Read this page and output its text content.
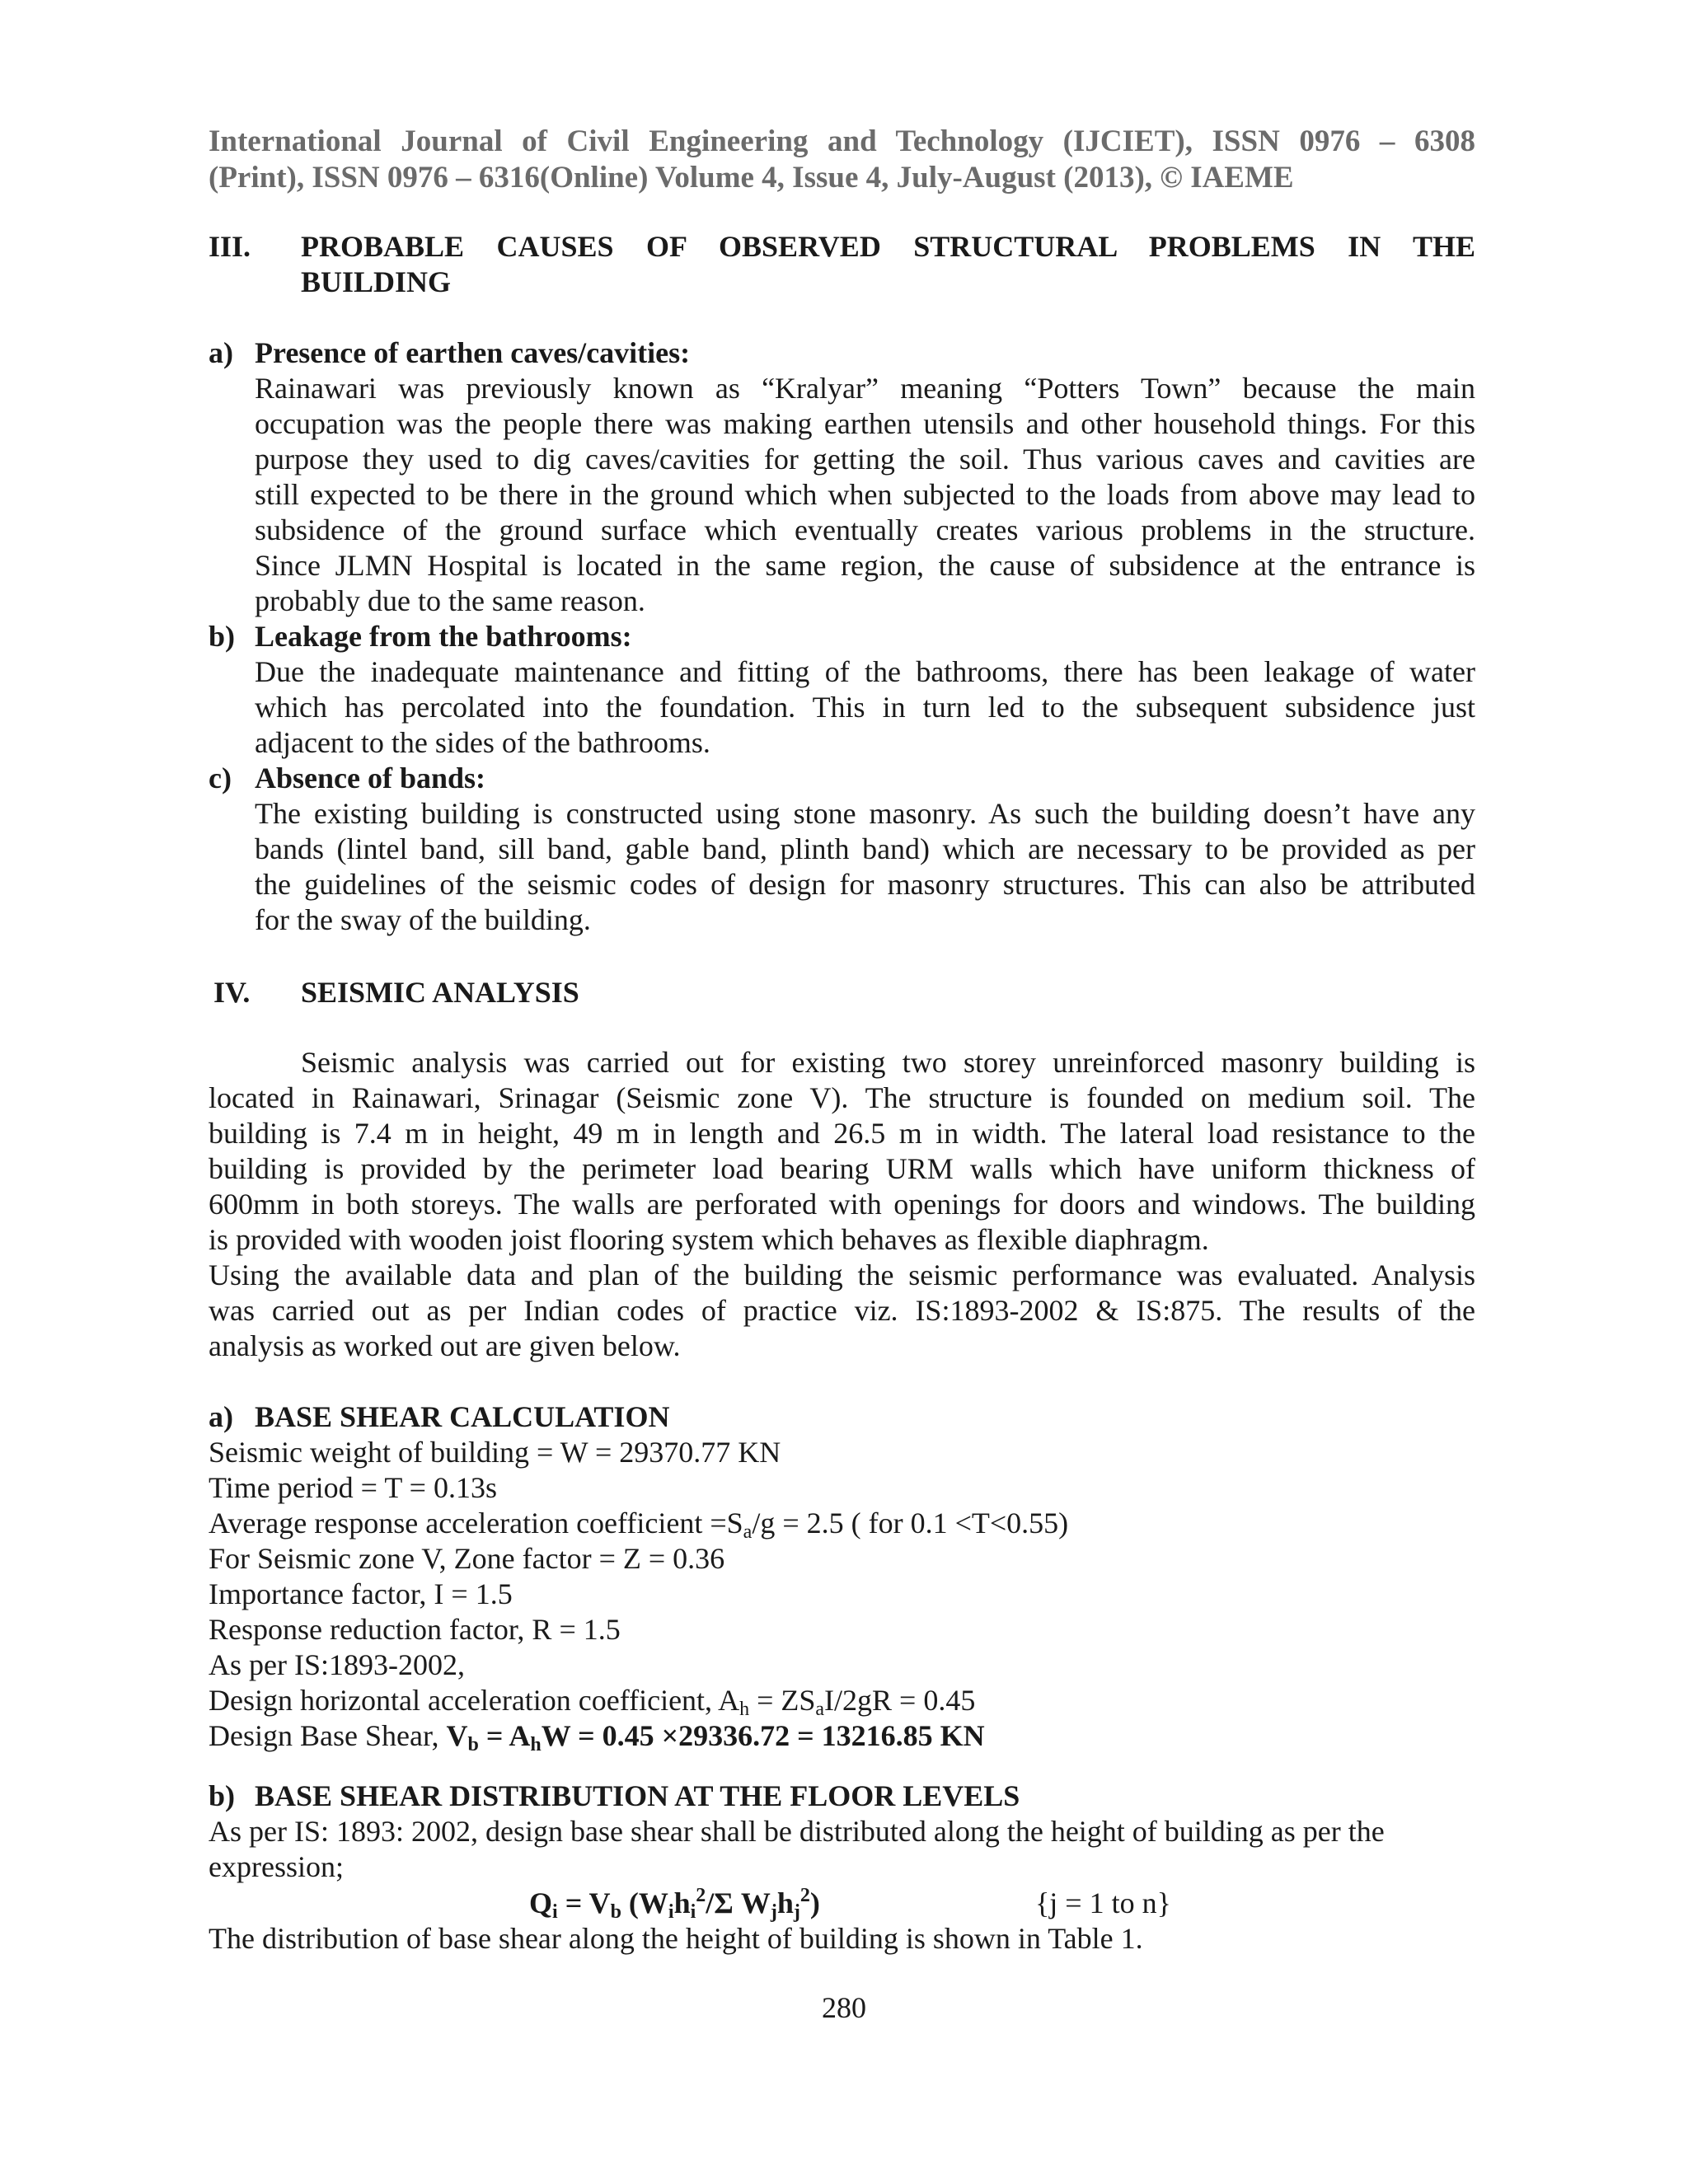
International Journal of Civil Engineering and Technology (IJCIET), ISSN 0976 – 6308
(Print), ISSN 0976 – 6316(Online) Volume 4, Issue 4, July-August (2013), © IAEME
III. PROBABLE CAUSES OF OBSERVED STRUCTURAL PROBLEMS IN THE
BUILDING
a) Presence of earthen caves/cavities:
Rainawari was previously known as “Kralyar” meaning “Potters Town” because the main
occupation was the people there was making earthen utensils and other household things. For this
purpose they used to dig caves/cavities for getting the soil. Thus various caves and cavities are
still expected to be there in the ground which when subjected to the loads from above may lead to
subsidence of the ground surface which eventually creates various problems in the structure.
Since JLMN Hospital is located in the same region, the cause of subsidence at the entrance is
probably due to the same reason.
b) Leakage from the bathrooms:
Due the inadequate maintenance and fitting of the bathrooms, there has been leakage of water
which has percolated into the foundation. This in turn led to the subsequent subsidence just
adjacent to the sides of the bathrooms.
c) Absence of bands:
The existing building is constructed using stone masonry. As such the building doesn’t have any
bands (lintel band, sill band, gable band, plinth band) which are necessary to be provided as per
the guidelines of the seismic codes of design for masonry structures. This can also be attributed
for the sway of the building.
IV. SEISMIC ANALYSIS
Seismic analysis was carried out for existing two storey unreinforced masonry building is
located in Rainawari, Srinagar (Seismic zone V). The structure is founded on medium soil. The
building is 7.4 m in height, 49 m in length and 26.5 m in width. The lateral load resistance to the
building is provided by the perimeter load bearing URM walls which have uniform thickness of
600mm in both storeys. The walls are perforated with openings for doors and windows. The building
is provided with wooden joist flooring system which behaves as flexible diaphragm.
Using the available data and plan of the building the seismic performance was evaluated. Analysis
was carried out as per Indian codes of practice viz. IS:1893-2002 & IS:875. The results of the
analysis as worked out are given below.
a) BASE SHEAR CALCULATION
Seismic weight of building = W = 29370.77 KN
Time period = T = 0.13s
Average response acceleration coefficient $=S_a/g = 2.5$ ( for 0.1 <T<0.55)
For Seismic zone V, Zone factor = Z = 0.36
Importance factor, I = 1.5
Response reduction factor, R = 1.5
As per IS:1893-2002,
Design horizontal acceleration coefficient, $A_h = ZS_aI/2gR = 0.45$
Design Base Shear, $V_b = A_hW = 0.45 \times 29336.72 = 13216.85$ KN
b) BASE SHEAR DISTRIBUTION AT THE FLOOR LEVELS
As per IS: 1893: 2002, design base shear shall be distributed along the height of building as per the
expression;
$Q_i = V_b$ ($W_ih_i^2/\Sigma$ $W_jh_j^2$)	{j = 1 to n}
The distribution of base shear along the height of building is shown in Table 1.
280
